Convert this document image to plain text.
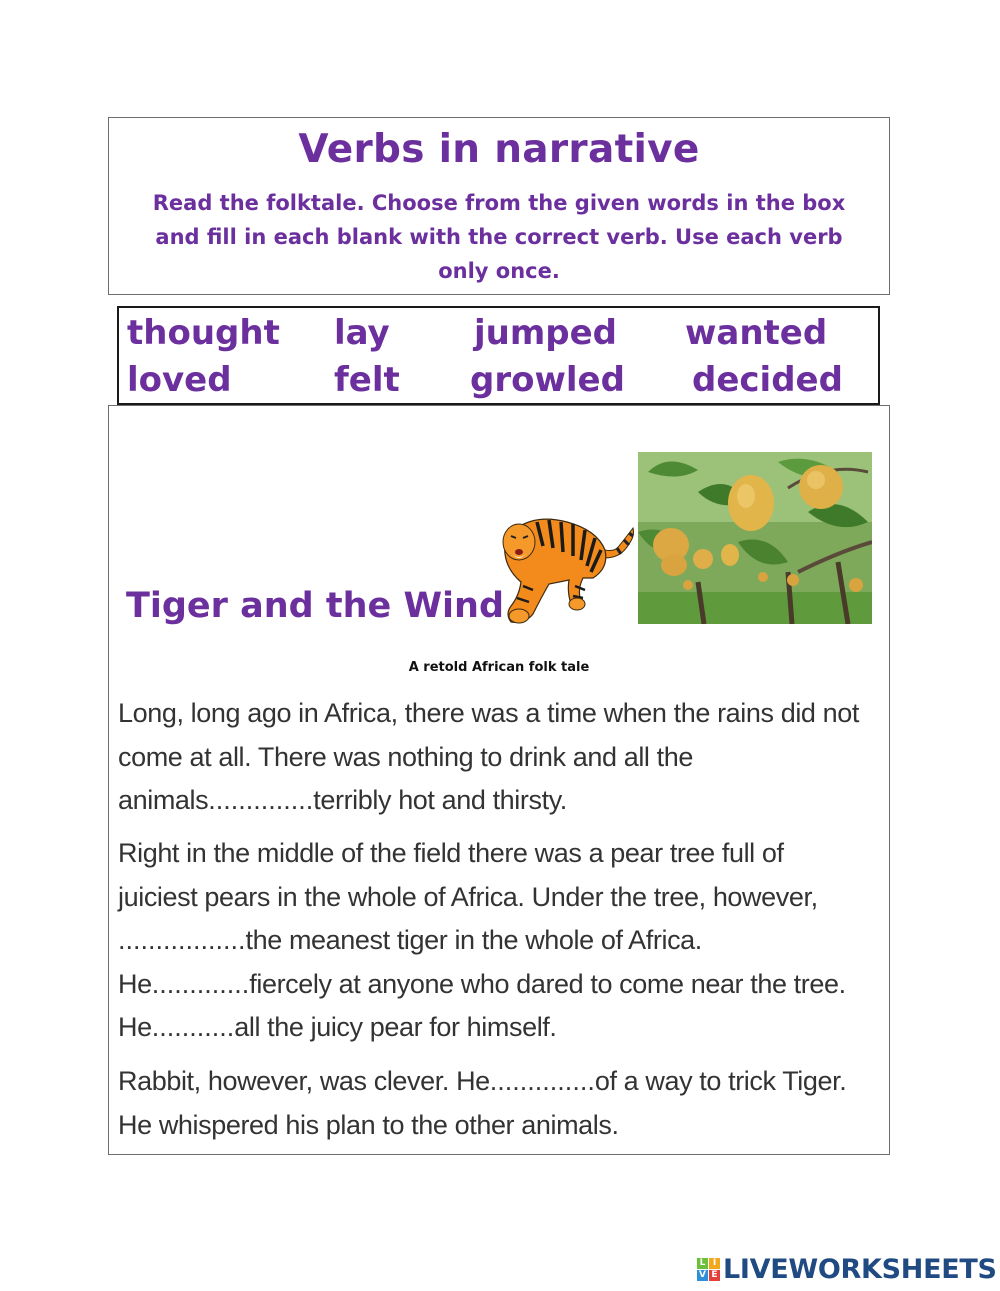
Verbs in narrative
Read the folktale. Choose from the given words in the box and fill in each blank with the correct verb. Use each verb only once.
thought lay jumped wanted
loved	felt growled decided
Tiger and the Wind
A retold African folk tale

Long, long ago in Africa, there was a time when the rains did not come at all. There was nothing to drink and all the animals..............terribly hot and thirsty.

Right in the middle of the field there was a pear tree full of juiciest pears in the whole of Africa. Under the tree, however, .................the meanest tiger in the whole of Africa. He.............fiercely at anyone who dared to come near the tree. He...........all the juicy pear for himself.

Rabbit, however, was clever. He..............of a way to trick Tiger. He whispered his plan to the other animals.

L I
V E LIVEWORKSHEETS
